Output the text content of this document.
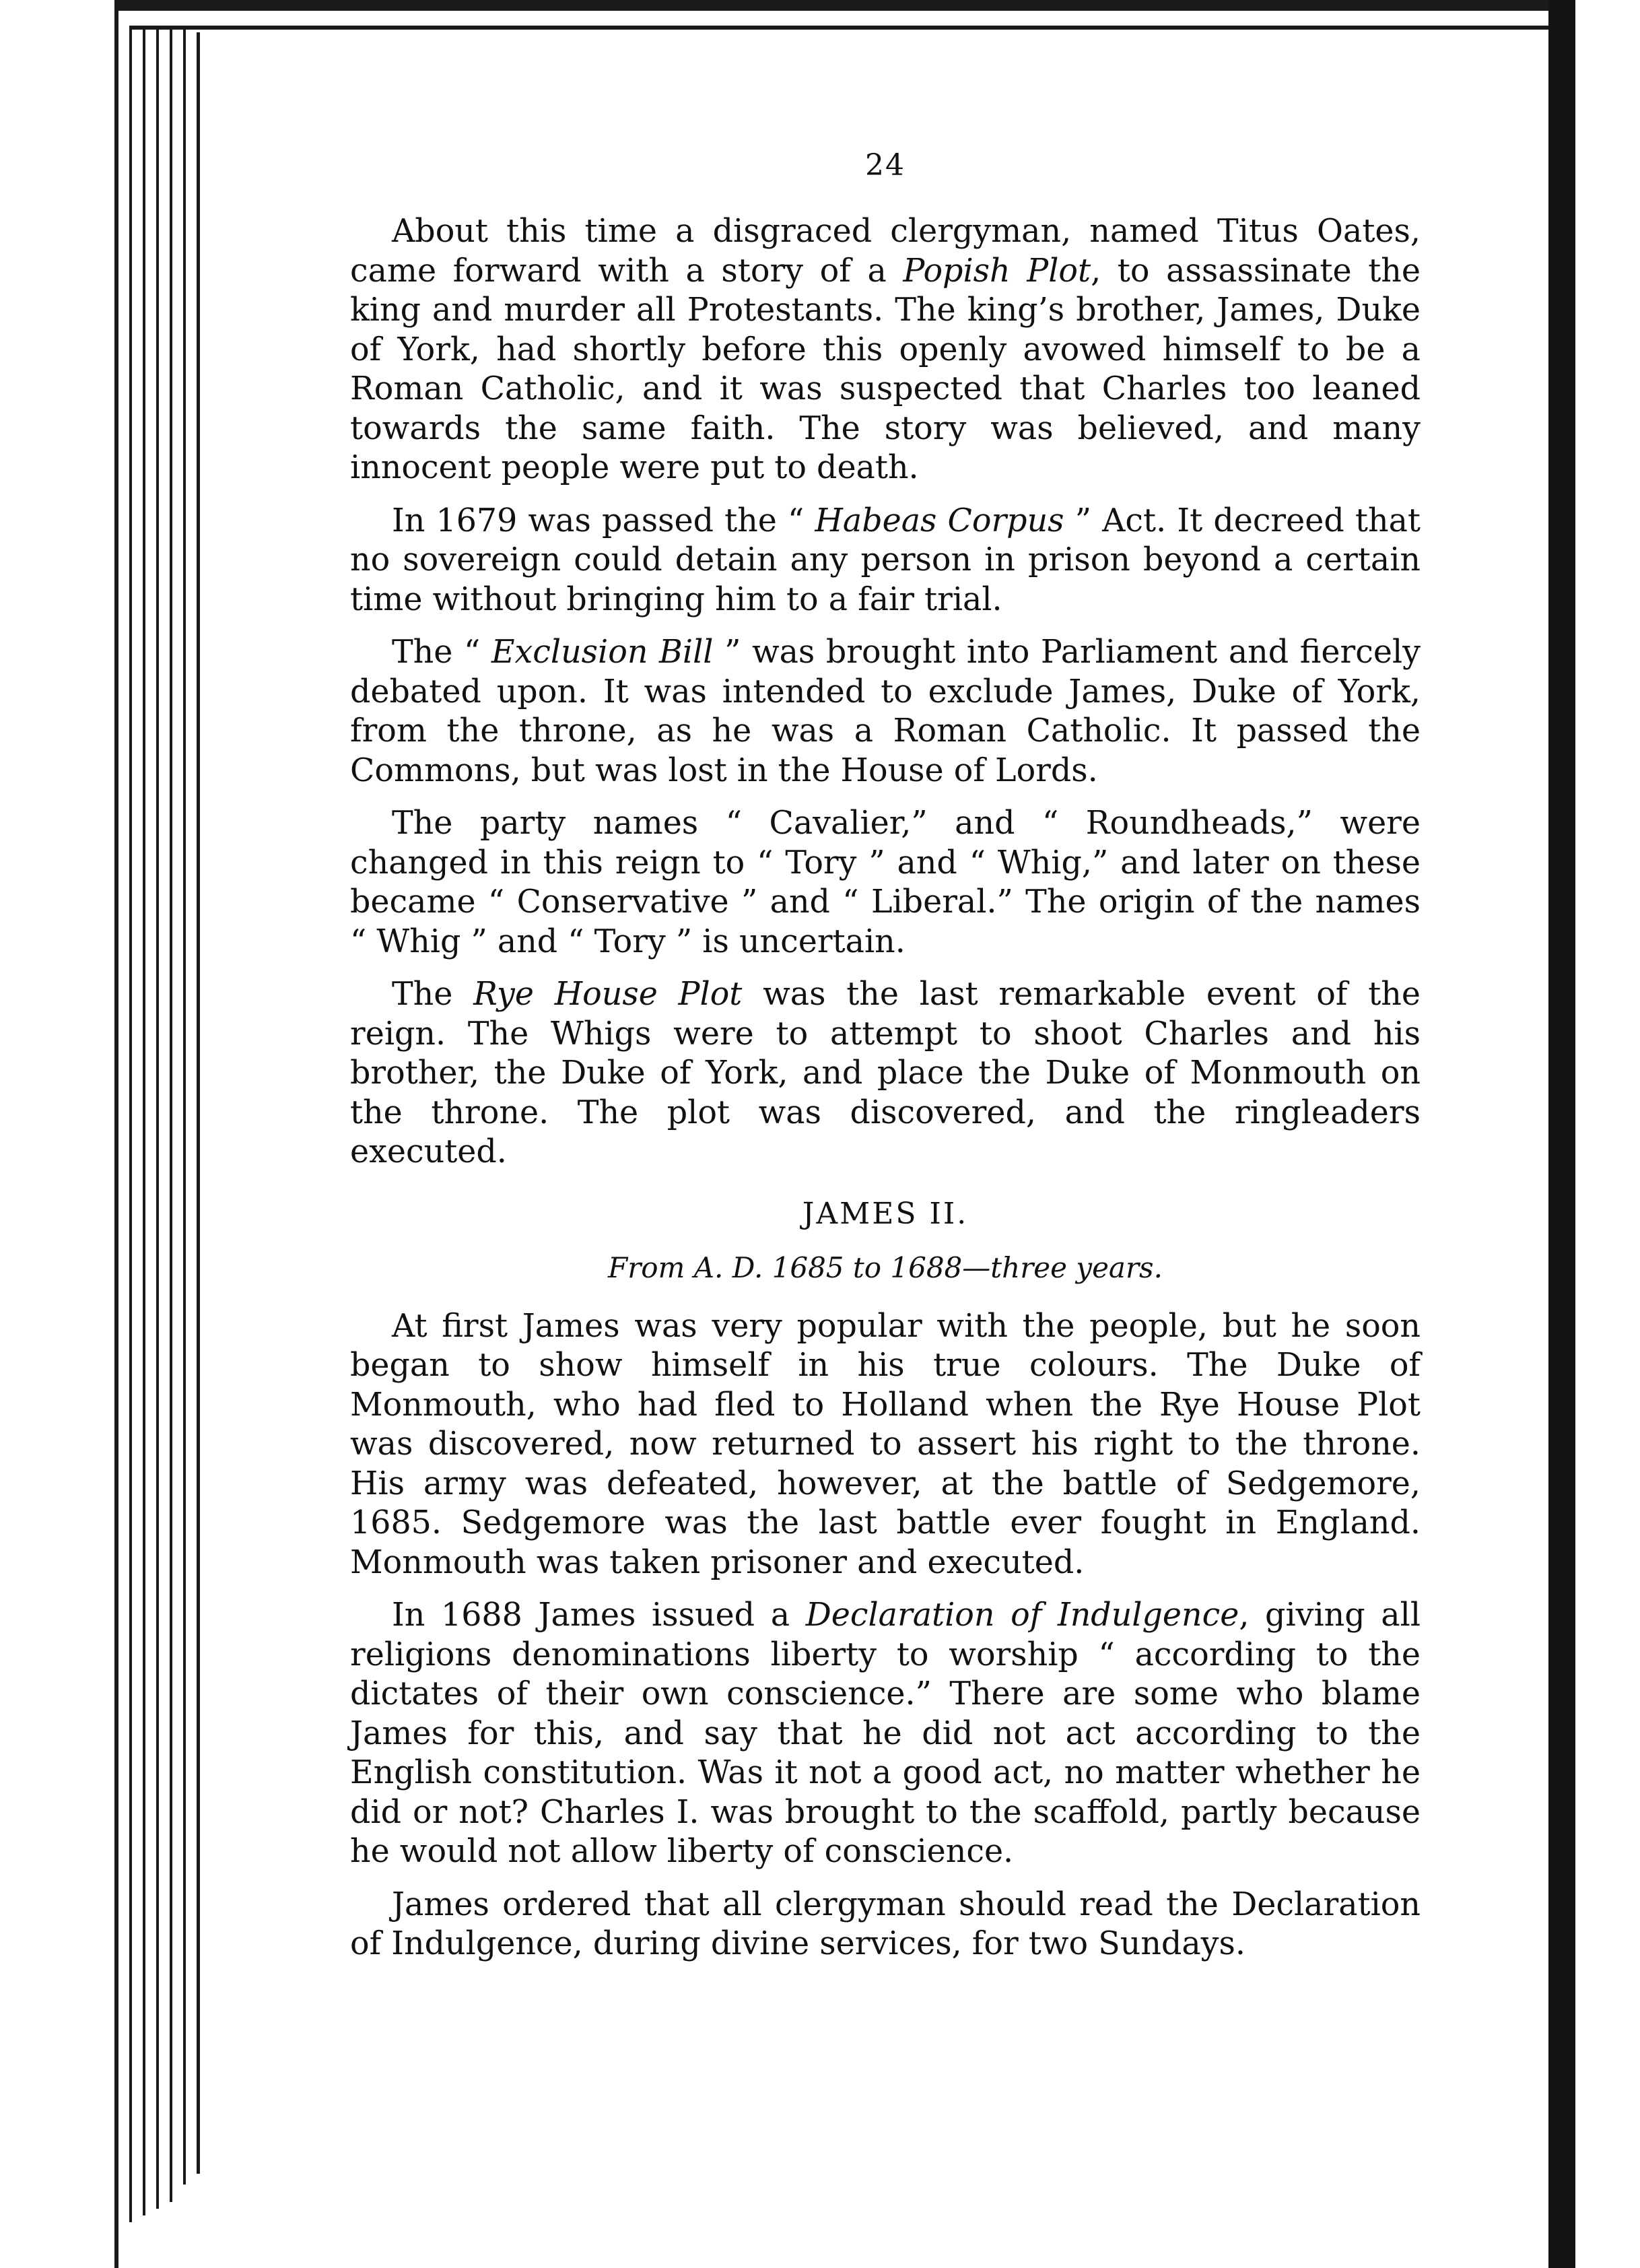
24

About this time a disgraced clergyman, named Titus Oates, came forward with a story of a Popish Plot, to assassinate the king and murder all Protestants. The king’s brother, James, Duke of York, had shortly before this openly avowed himself to be a Roman Catholic, and it was suspected that Charles too leaned towards the same faith. The story was believed, and many innocent people were put to death.

In 1679 was passed the “ Habeas Corpus ” Act. It decreed that no sovereign could detain any person in prison beyond a certain time without bringing him to a fair trial.

The “ Exclusion Bill ” was brought into Parliament and fiercely debated upon. It was intended to exclude James, Duke of York, from the throne, as he was a Roman Catholic. It passed the Commons, but was lost in the House of Lords.

The party names “ Cavalier,” and “ Roundheads,” were changed in this reign to “ Tory ” and “ Whig,” and later on these became “ Conservative ” and “ Liberal.” The origin of the names “ Whig ” and “ Tory ” is uncertain.

The Rye House Plot was the last remarkable event of the reign. The Whigs were to attempt to shoot Charles and his brother, the Duke of York, and place the Duke of Monmouth on the throne. The plot was discovered, and the ringleaders executed.

JAMES II.
From A. D. 1685 to 1688—three years.

At first James was very popular with the people, but he soon began to show himself in his true colours. The Duke of Monmouth, who had fled to Holland when the Rye House Plot was discovered, now returned to assert his right to the throne. His army was defeated, however, at the battle of Sedgemore, 1685. Sedgemore was the last battle ever fought in England. Monmouth was taken prisoner and executed.

In 1688 James issued a Declaration of Indulgence, giving all religions denominations liberty to worship “ according to the dictates of their own conscience.” There are some who blame James for this, and say that he did not act according to the English constitution. Was it not a good act, no matter whether he did or not? Charles I. was brought to the scaffold, partly because he would not allow liberty of conscience.

James ordered that all clergyman should read the Declaration of Indulgence, during divine services, for two Sundays.
